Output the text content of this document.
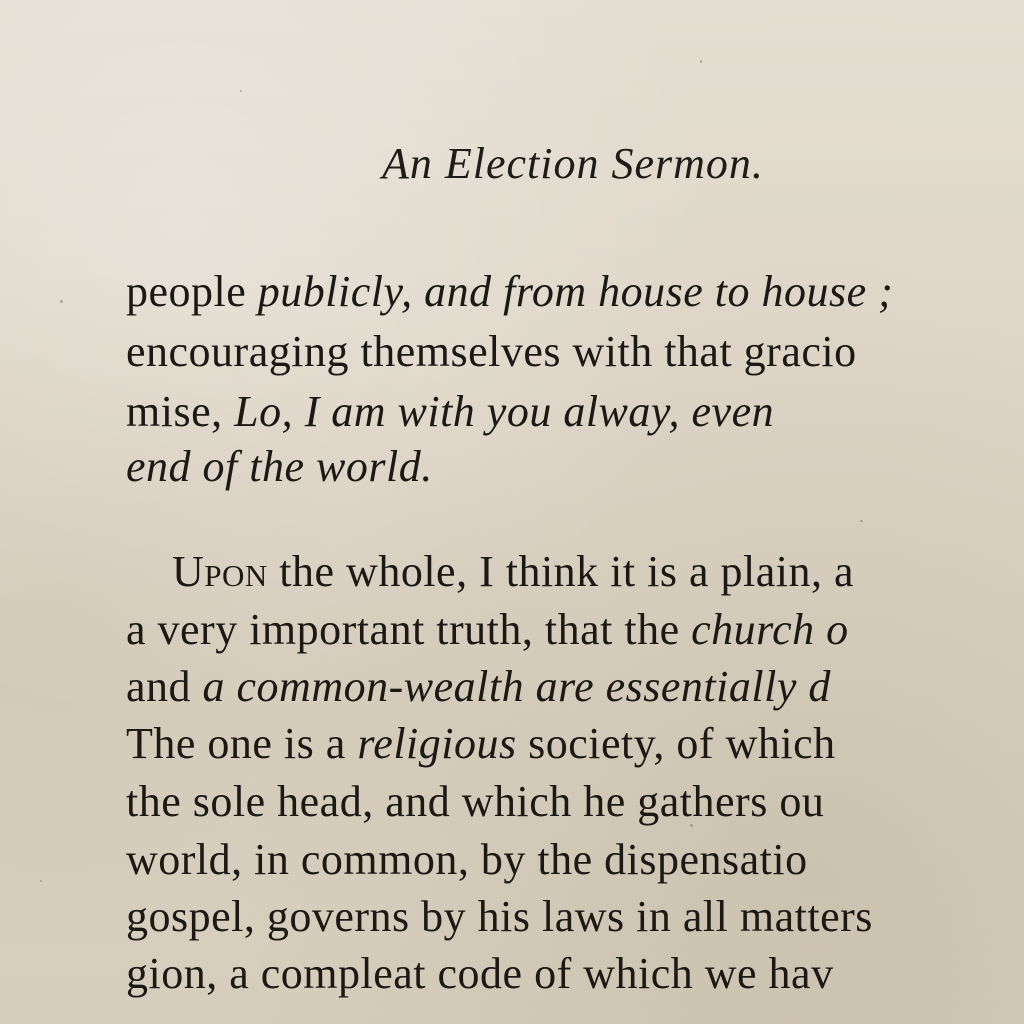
An Election Sermon.
people publicly, and from house to house ;
encouraging themselves with that gracio
mise, Lo, I am with you alway, even
end of the world.
Upon the whole, I think it is a plain, a
a very important truth, that the church o
and a common-wealth are essentially d
The one is a religious society, of which
the sole head, and which he gathers ou
world, in common, by the dispensatio
gospel, governs by his laws in all matters
gion, a compleat code of which we hav
